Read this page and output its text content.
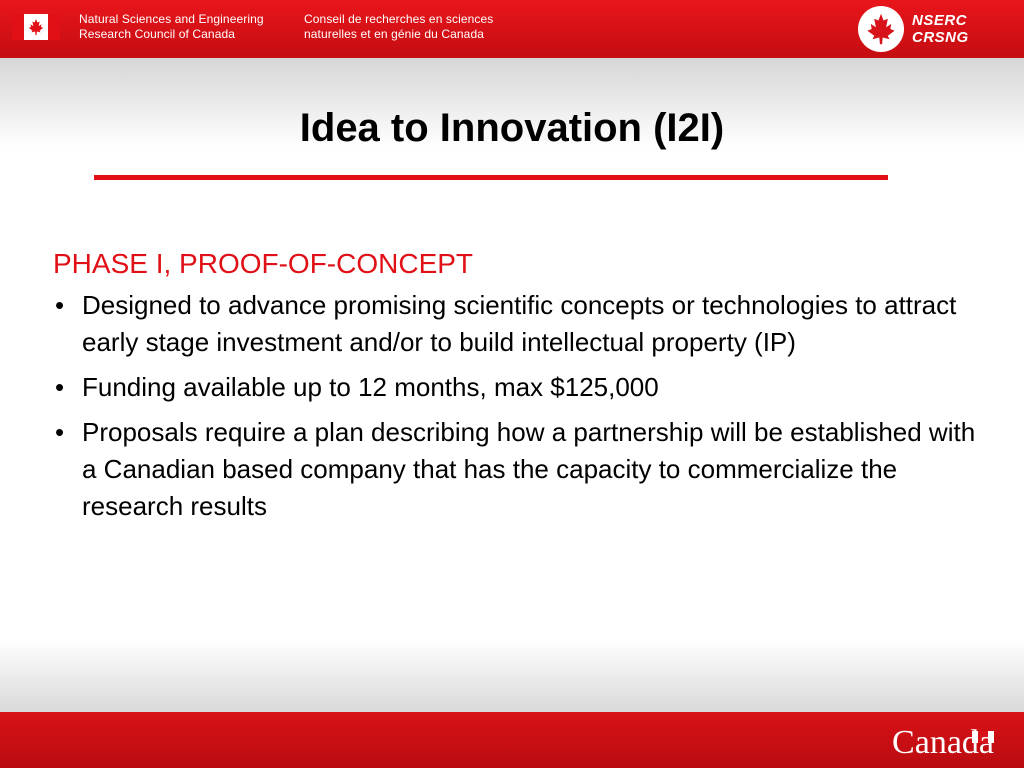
Natural Sciences and Engineering
Research Council of Canada
Conseil de recherches en sciences
naturelles et en génie du Canada
NSERC
CRSNG
Idea to Innovation (I2I)
PHASE I, PROOF-OF-CONCEPT
• Designed to advance promising scientific concepts or technologies to attract early stage investment and/or to build intellectual property (IP)
• Funding available up to 12 months, max $125,000
• Proposals require a plan describing how a partnership will be established with a Canadian based company that has the capacity to commercialize the research results
Canada
